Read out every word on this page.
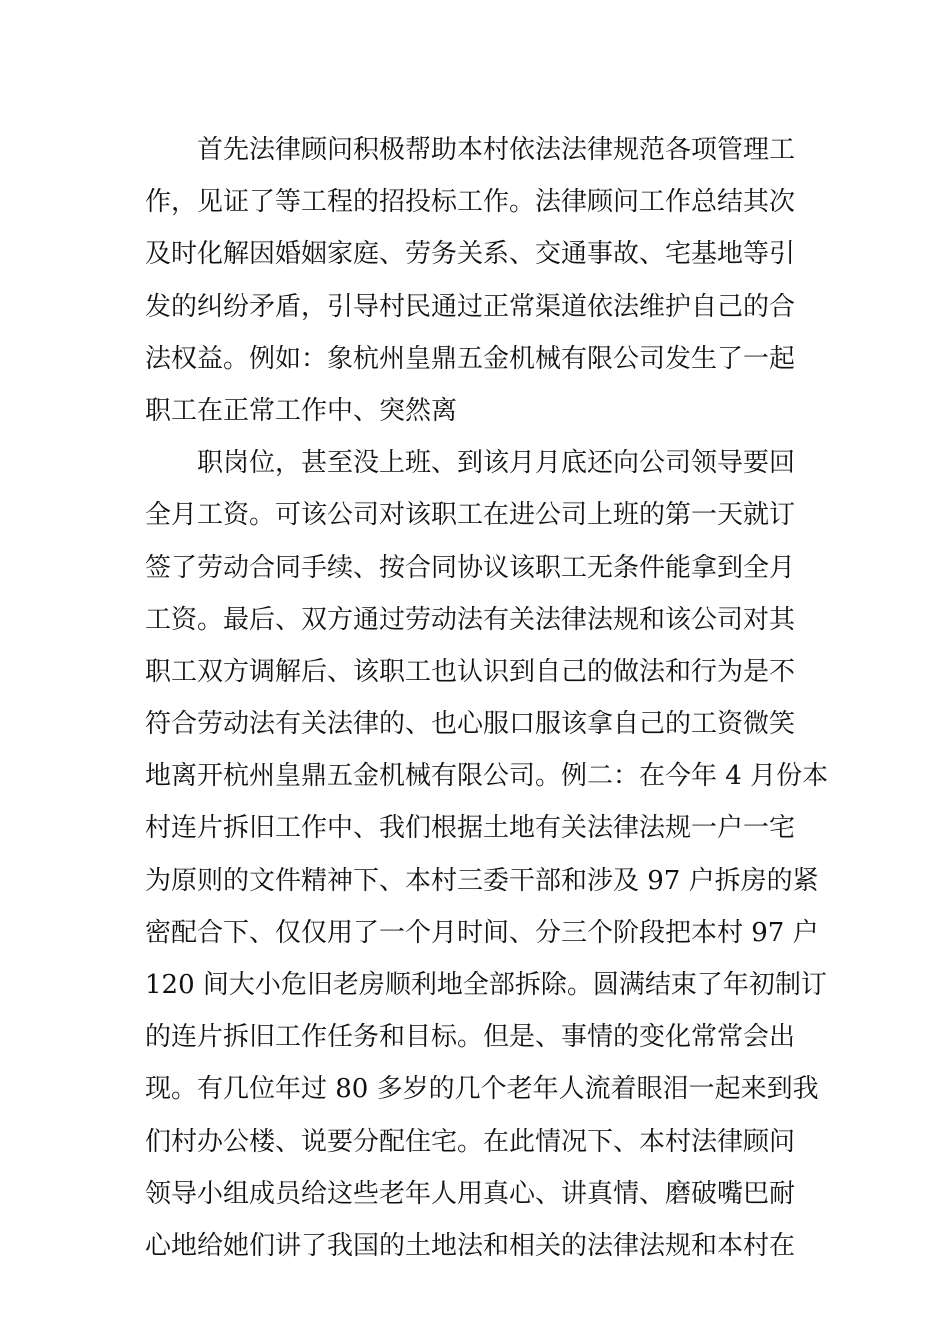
首先法律顾问积极帮助本村依法法律规范各项管理工
作，见证了等工程的招投标工作。法律顾问工作总结其次
及时化解因婚姻家庭、劳务关系、交通事故、宅基地等引
发的纠纷矛盾，引导村民通过正常渠道依法维护自己的合
法权益。例如：象杭州皇鼎五金机械有限公司发生了一起
职工在正常工作中、突然离
职岗位，甚至没上班、到该月月底还向公司领导要回
全月工资。可该公司对该职工在进公司上班的第一天就订
签了劳动合同手续、按合同协议该职工无条件能拿到全月
工资。最后、双方通过劳动法有关法律法规和该公司对其
职工双方调解后、该职工也认识到自己的做法和行为是不
符合劳动法有关法律的、也心服口服该拿自己的工资微笑
地离开杭州皇鼎五金机械有限公司。例二：在今年 4 月份本
村连片拆旧工作中、我们根据土地有关法律法规一户一宅
为原则的文件精神下、本村三委干部和涉及 97 户拆房的紧
密配合下、仅仅用了一个月时间、分三个阶段把本村 97 户
120 间大小危旧老房顺利地全部拆除。圆满结束了年初制订
的连片拆旧工作任务和目标。但是、事情的变化常常会出
现。有几位年过 80 多岁的几个老年人流着眼泪一起来到我
们村办公楼、说要分配住宅。在此情况下、本村法律顾问
领导小组成员给这些老年人用真心、讲真情、磨破嘴巴耐
心地给她们讲了我国的土地法和相关的法律法规和本村在
